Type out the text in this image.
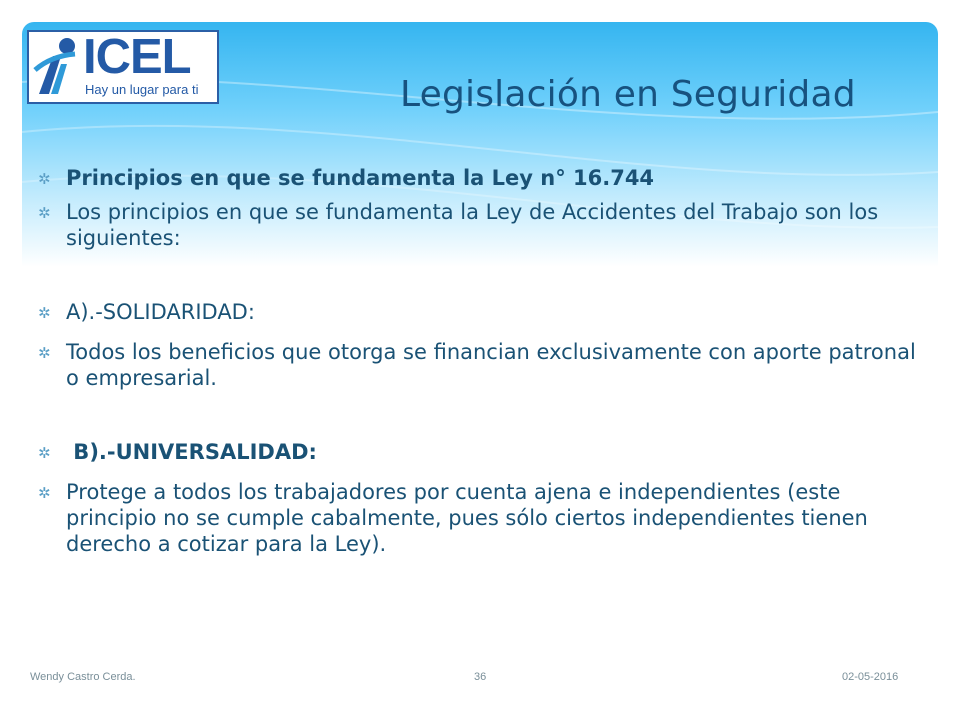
ICEL
Hay un lugar para ti	Legislación en Seguridad
✲ Principios en que se fundamenta la Ley n° 16.744
✲ Los principios en que se fundamenta la Ley de Accidentes del Trabajo son los siguientes:
✲ A).-SOLIDARIDAD:
✲ Todos los beneficios que otorga se financian exclusivamente con aporte patronal o empresarial.
✲ B).-UNIVERSALIDAD:
✲ Protege a todos los trabajadores por cuenta ajena e independientes (este principio no se cumple cabalmente, pues sólo ciertos independientes tienen derecho a cotizar para la Ley).
Wendy Castro Cerda.	36	02-05-2016
